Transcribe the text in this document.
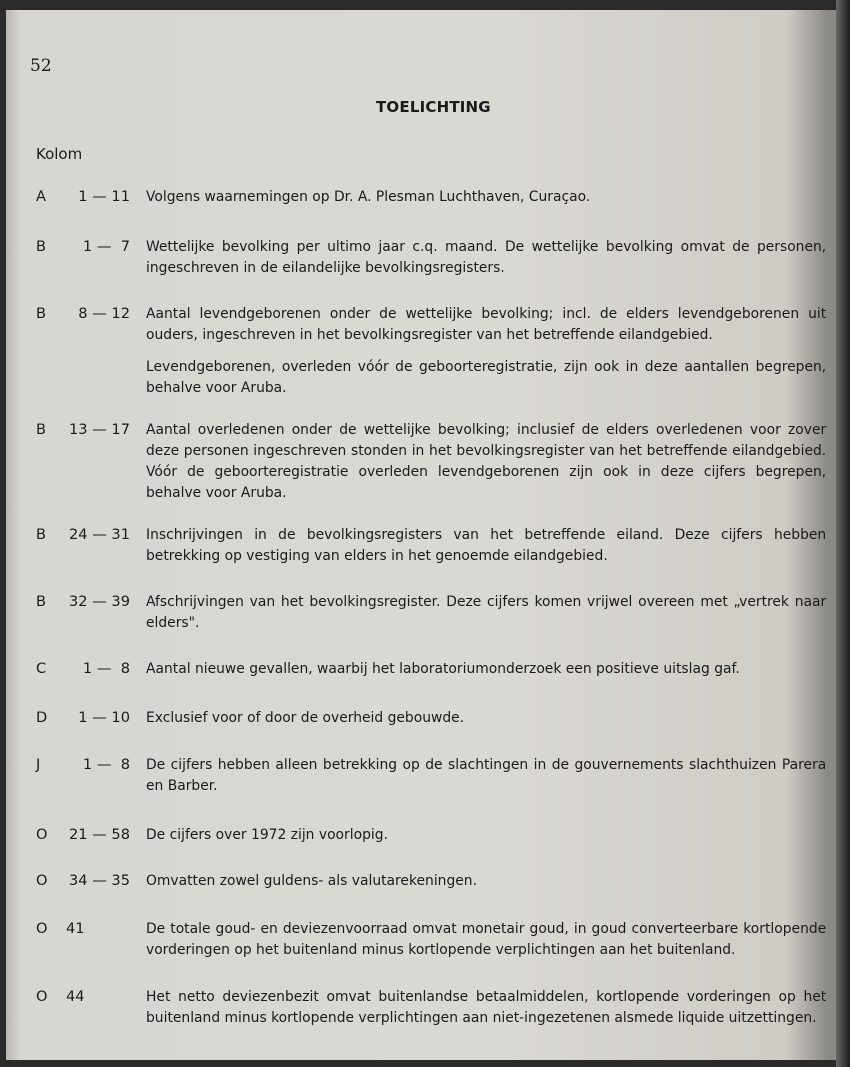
52
TOELICHTING
Kolom
A	1 — 11 Volgens waarnemingen op Dr. A. Plesman Luchthaven, Curaçao.
B	1 —  7 Wettelijke bevolking per ultimo jaar c.q. maand. De wettelijke bevolking omvat de personen, ingeschreven in de eilandelijke bevolkingsregisters.
B	8 — 12 Aantal levendgeborenen onder de wettelijke bevolking; incl. de elders levendgeborenen uit ouders, ingeschreven in het bevolkingsregister van het betreffende eilandgebied.
Levendgeborenen, overleden vóór de geboorteregistratie, zijn ook in deze aantallen begrepen, behalve voor Aruba.
B	13 — 17 Aantal overledenen onder de wettelijke bevolking; inclusief de elders overledenen voor zover deze personen ingeschreven stonden in het bevolkingsregister van het betreffende eilandgebied. Vóór de geboorteregistratie overleden levendgeborenen zijn ook in deze cijfers begrepen, behalve voor Aruba.
B	24 — 31 Inschrijvingen in de bevolkingsregisters van het betreffende eiland. Deze cijfers hebben betrekking op vestiging van elders in het genoemde eilandgebied.
B	32 — 39 Afschrijvingen van het bevolkingsregister. Deze cijfers komen vrijwel overeen met „vertrek naar elders".
C	1 —  8 Aantal nieuwe gevallen, waarbij het laboratoriumonderzoek een positieve uitslag gaf.
D	1 — 10 Exclusief voor of door de overheid gebouwde.
J	1 —  8 De cijfers hebben alleen betrekking op de slachtingen in de gouvernements slachthuizen Parera en Barber.
O	21 — 58 De cijfers over 1972 zijn voorlopig.
O	34 — 35 Omvatten zowel guldens- als valutarekeningen.
O 41	De totale goud- en deviezenvoorraad omvat monetair goud, in goud converteerbare kortlopende vorderingen op het buitenland minus kortlopende verplichtingen aan het buitenland.
O 44	Het netto deviezenbezit omvat buitenlandse betaalmiddelen, kortlopende vorderingen op het buitenland minus kortlopende verplichtingen aan niet-ingezetenen alsmede liquide uitzettingen.
